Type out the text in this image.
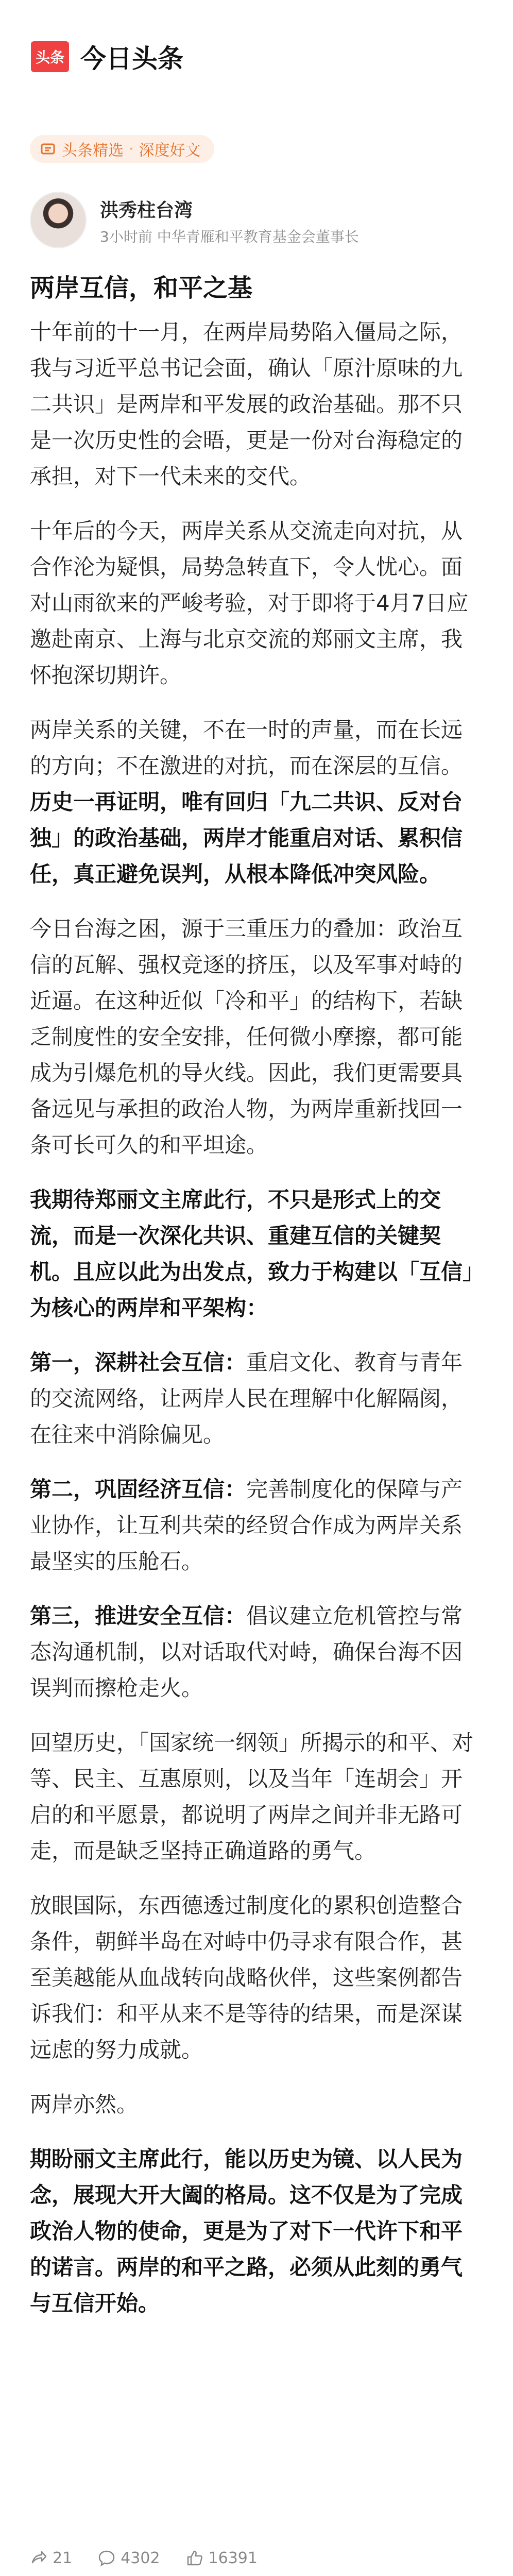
头条 今日头条
头条精选 · 深度好文
洪秀柱台湾
3小时前 中华青雁和平教育基金会董事长
两岸互信，和平之基

十年前的十一月，在两岸局势陷入僵局之际，我与习近平总书记会面，确认「原汁原味的九二共识」是两岸和平发展的政治基础。那不只是一次历史性的会晤，更是一份对台海稳定的承担，对下一代未来的交代。

十年后的今天，两岸关系从交流走向对抗，从合作沦为疑惧，局势急转直下，令人忧心。面对山雨欲来的严峻考验，对于即将于4月7日应邀赴南京、上海与北京交流的郑丽文主席，我怀抱深切期许。

两岸关系的关键，不在一时的声量，而在长远的方向；不在激进的对抗，而在深层的互信。历史一再证明，唯有回归「九二共识、反对台独」的政治基础，两岸才能重启对话、累积信任，真正避免误判，从根本降低冲突风险。

今日台海之困，源于三重压力的叠加：政治互信的瓦解、强权竞逐的挤压，以及军事对峙的近逼。在这种近似「冷和平」的结构下，若缺乏制度性的安全安排，任何微小摩擦，都可能成为引爆危机的导火线。因此，我们更需要具备远见与承担的政治人物，为两岸重新找回一条可长可久的和平坦途。

我期待郑丽文主席此行，不只是形式上的交流，而是一次深化共识、重建互信的关键契机。且应以此为出发点，致力于构建以「互信」为核心的两岸和平架构：

第一，深耕社会互信：重启文化、教育与青年的交流网络，让两岸人民在理解中化解隔阂，在往来中消除偏见。

第二，巩固经济互信：完善制度化的保障与产业协作，让互利共荣的经贸合作成为两岸关系最坚实的压舱石。

第三，推进安全互信：倡议建立危机管控与常态沟通机制，以对话取代对峙，确保台海不因误判而擦枪走火。

回望历史，「国家统一纲领」所揭示的和平、对等、民主、互惠原则，以及当年「连胡会」开启的和平愿景，都说明了两岸之间并非无路可走，而是缺乏坚持正确道路的勇气。

放眼国际，东西德透过制度化的累积创造整合条件，朝鲜半岛在对峙中仍寻求有限合作，甚至美越能从血战转向战略伙伴，这些案例都告诉我们：和平从来不是等待的结果，而是深谋远虑的努力成就。

两岸亦然。

期盼丽文主席此行，能以历史为镜、以人民为念，展现大开大阖的格局。这不仅是为了完成政治人物的使命，更是为了对下一代许下和平的诺言。两岸的和平之路，必须从此刻的勇气与互信开始。

21	4302	16391
